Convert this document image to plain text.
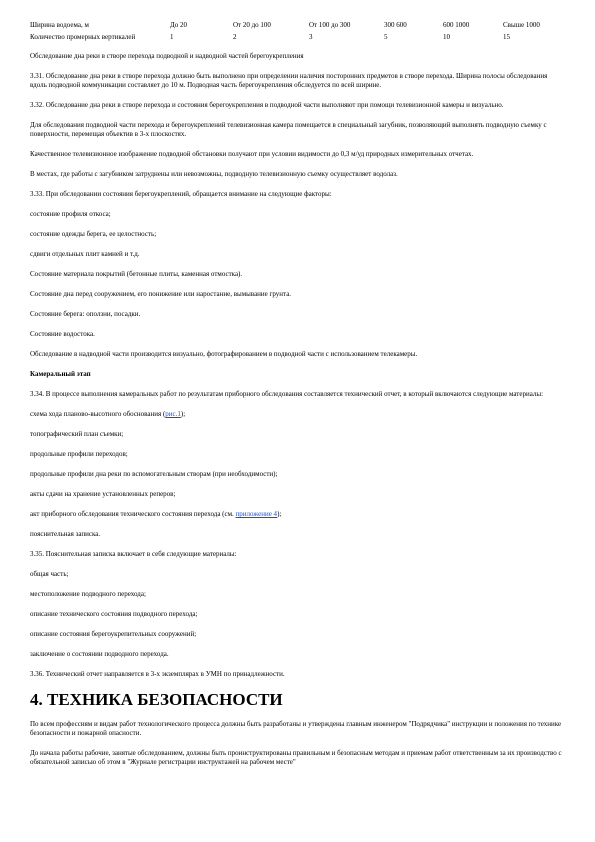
Ширина водоема, м	До 20	От 20 до 100	От 100 до 300	300 600	600 1000	Свыше 1000
Количество промерных вертикалей	1	2	3	5	10	15

Обследование дна реки в створе перехода подводной и надводной частей берегоукрепления

3.31. Обследование дна реки в створе перехода должно быть выполнено при определении наличия посторонних предметов в створе перехода. Ширина полосы обследования вдоль подводной коммуникации составляет до 10 м. Подводная часть берегоукрепления обследуется по всей ширине.

3.32. Обследование дна реки в створе перехода и состояния берегоукрепления в подводной части выполняют при помощи телевизионной камеры и визуально.

Для обследования подводной части перехода и берегоукреплений телевизионная камера помещается в специальный загубник, позволяющий выполнять подводную съемку с поверхности, перемещая объектив в 3-х плоскостях.

Качественное телевизионное изображение подводной обстановки получают при условии видимости до 0,3 м/уд природных измерительных отчетах.

В местах, где работы с загубником затруднены или невозможны, подводную телевизионную съемку осуществляет водолаз.

3.33. При обследовании состояния берегоукреплений, обращается внимание на следующие факторы:

состояние профиля откоса;

состояние одежды берега, ее целостность;

сдвиги отдельных плит камней и т.д.

Состояние материала покрытий (бетонные плиты, каменная отмостка).

Состояние дна перед сооружением, его понижение или наростание, вымывание грунта.

Состояние берега: оползни, посадки.

Состояние водостока.

Обследование в надводной части производится визуально, фотографированием в подводной части с использованием телекамеры.

Камеральный этап

3.34. В процессе выполнения камеральных работ по результатам приборного обследования составляется технический отчет, в который включаются следующие материалы:

схема хода планово-высотного обоснования (рис.1);

топографический план съемки;

продольные профили переходов;

продольные профили дна реки по вспомогательным створам (при необходимости);

акты сдачи на хранение установленных реперов;

акт приборного обследования технического состояния перехода (см. приложение 4);

пояснительная записка.

3.35. Пояснительная записка включает в себя следующие материалы:

общая часть;

местоположение подводного перехода;

описание технического состояния подводного перехода;

описание состояния берегоукрепительных сооружений;

заключение о состоянии подводного перехода.

3.36. Технический отчет направляется в 3-х экземплярах в УМН по принадлежности.

4. ТЕХНИКА БЕЗОПАСНОСТИ

По всем профессиям и видам работ технологического процесса должны быть разработаны и утверждены главным инженером "Подрядчика" инструкции и положения по технике безопасности и пожарной опасности.

До начала работы рабочие, занятые обследованием, должны быть проинструктированы правильным и безопасным методам и приемам работ ответственным за их производство с обязательной записью об этом в "Журнале регистрации инструктажей на рабочем месте"
